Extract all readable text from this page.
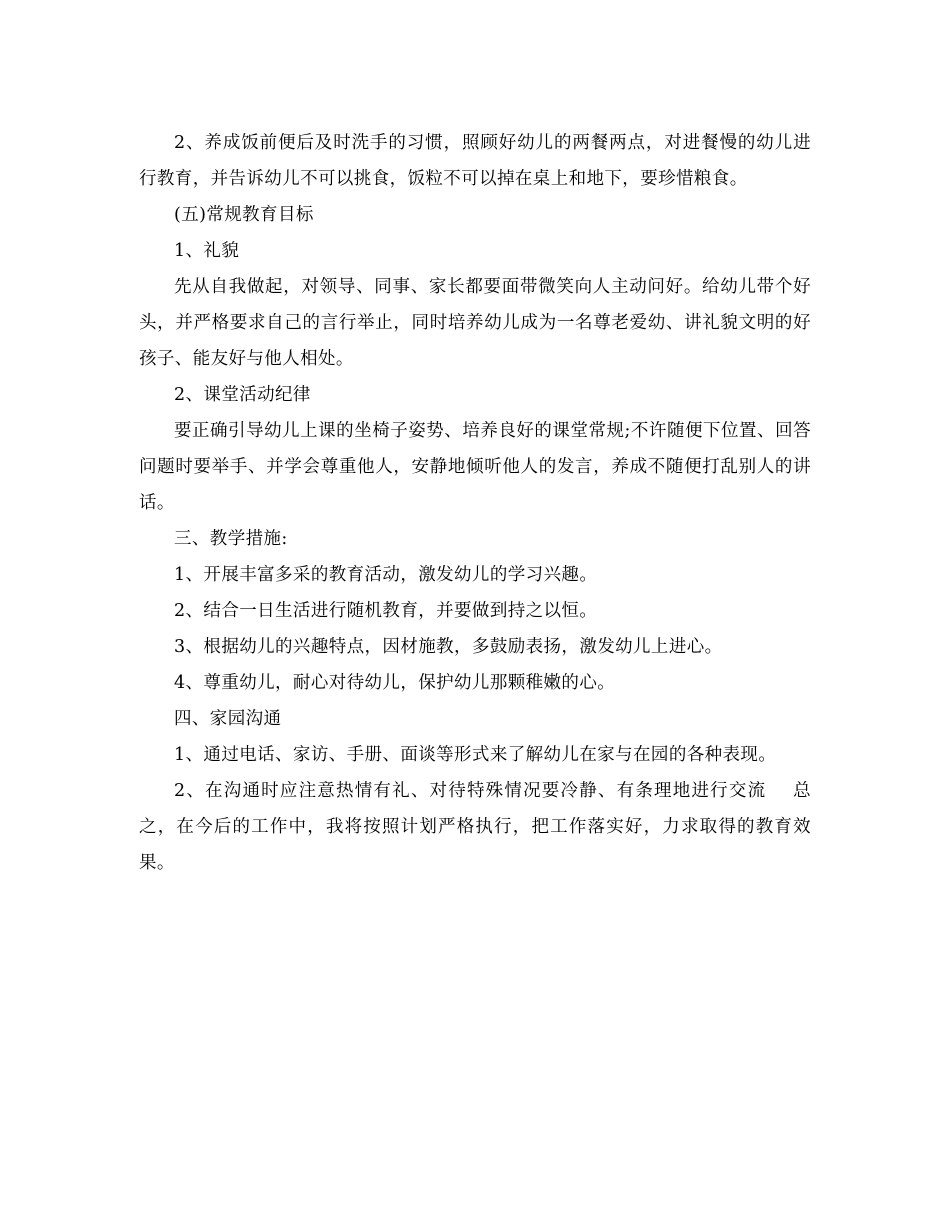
2、养成饭前便后及时洗手的习惯，照顾好幼儿的两餐两点，对进餐慢的幼儿进行教育，并告诉幼儿不可以挑食，饭粒不可以掉在桌上和地下，要珍惜粮食。

(五)常规教育目标

1、礼貌

先从自我做起，对领导、同事、家长都要面带微笑向人主动问好。给幼儿带个好头，并严格要求自己的言行举止，同时培养幼儿成为一名尊老爱幼、讲礼貌文明的好孩子、能友好与他人相处。

2、课堂活动纪律

要正确引导幼儿上课的坐椅子姿势、培养良好的课堂常规;不许随便下位置、回答问题时要举手、并学会尊重他人，安静地倾听他人的发言，养成不随便打乱别人的讲话。

三、教学措施:

1、开展丰富多采的教育活动，激发幼儿的学习兴趣。

2、结合一日生活进行随机教育，并要做到持之以恒。

3、根据幼儿的兴趣特点，因材施教，多鼓励表扬，激发幼儿上进心。

4、尊重幼儿，耐心对待幼儿，保护幼儿那颗稚嫩的心。

四、家园沟通

1、通过电话、家访、手册、面谈等形式来了解幼儿在家与在园的各种表现。

2、在沟通时应注意热情有礼、对待特殊情况要冷静、有条理地进行交流 总之，在今后的工作中，我将按照计划严格执行，把工作落实好，力求取得的教育效果。
